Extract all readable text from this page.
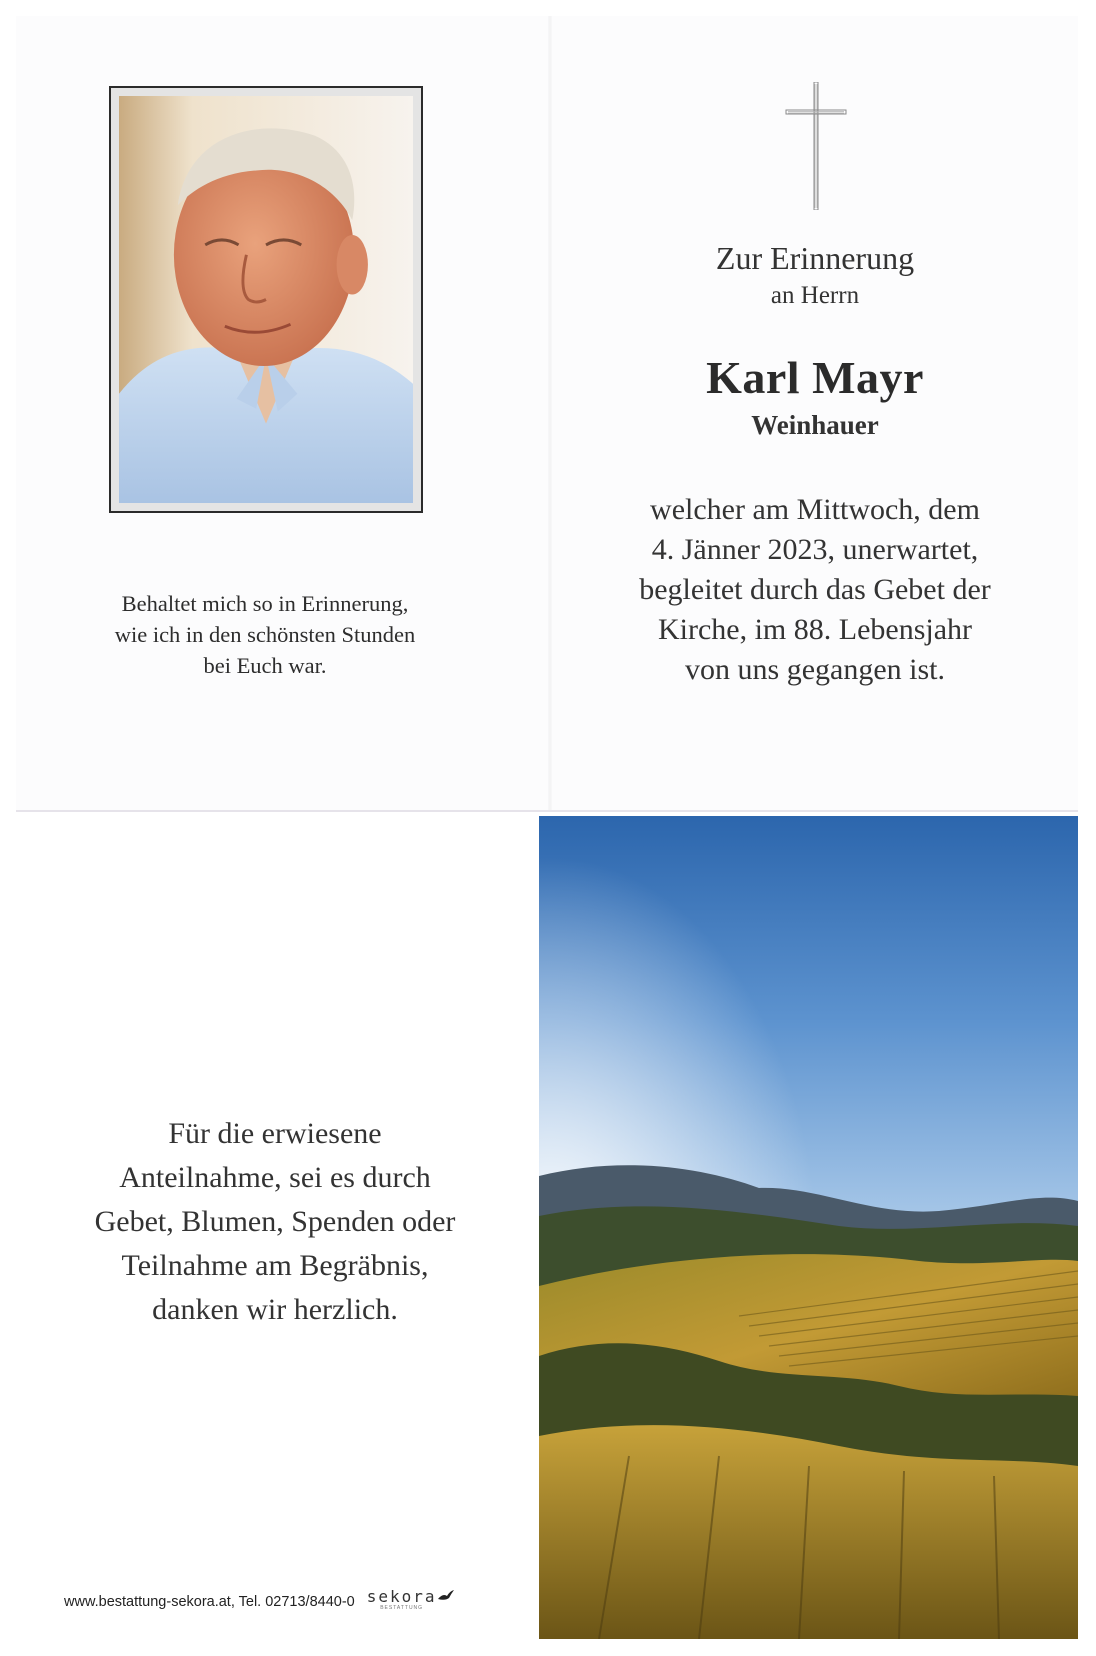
Behaltet mich so in Erinnerung,
wie ich in den schönsten Stunden
bei Euch war.
Zur Erinnerung
an Herrn
Karl Mayr
Weinhauer
welcher am Mittwoch, dem
4. Jänner 2023, unerwartet,
begleitet durch das Gebet der
Kirche, im 88. Lebensjahr
von uns gegangen ist.
Für die erwiesene
Anteilnahme, sei es durch
Gebet, Blumen, Spenden oder
Teilnahme am Begräbnis,
danken wir herzlich.
www.bestattung-sekora.at, Tel. 02713/8440-0 sekora
BESTATTUNG
